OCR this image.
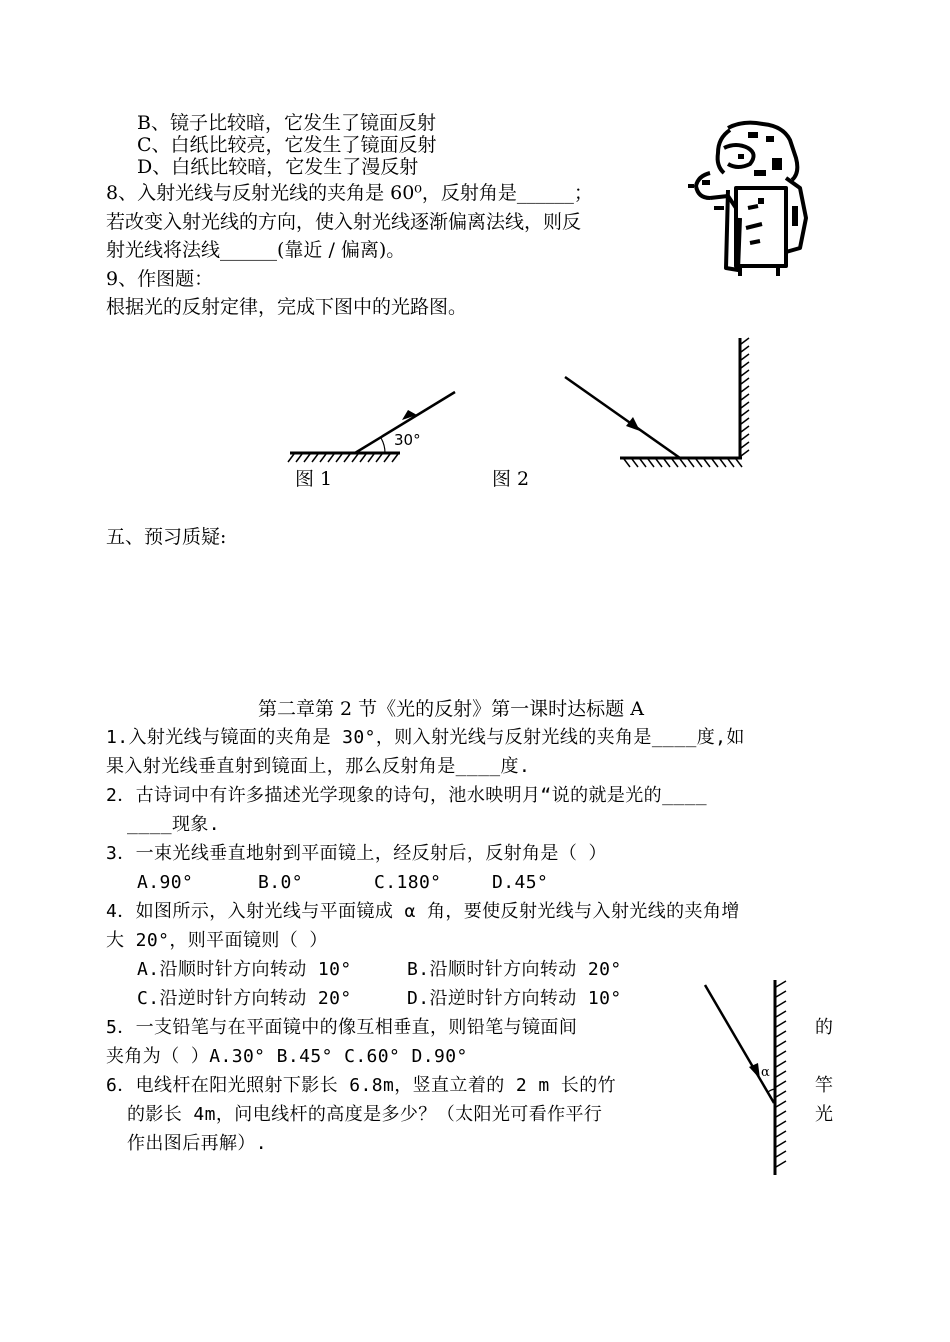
B、镜子比较暗，它发生了镜面反射
C、白纸比较亮，它发生了镜面反射
D、白纸比较暗，它发生了漫反射
8、入射光线与反射光线的夹角是 60⁰，反射角是______；
若改变入射光线的方向，使入射光线逐渐偏离法线，则反
射光线将法线______(靠近 / 偏离)。
9、作图题：
根据光的反射定律，完成下图中的光路图。
30°
图 1	图 2
五、预习质疑:
第二章第 2 节《光的反射》第一课时达标题 A
1.入射光线与镜面的夹角是 30°，则入射光线与反射光线的夹角是____度,如
果入射光线垂直射到镜面上，那么反射角是____度.
2．古诗词中有许多描述光学现象的诗句，池水映明月“说的就是光的____
____现象.
3．一束光线垂直地射到平面镜上，经反射后，反射角是（ ）
A.90°	B.0°	C.180°	D.45°
4．如图所示，入射光线与平面镜成 α 角，要使反射光线与入射光线的夹角增
大 20°，则平面镜则（ ）
A.沿顺时针方向转动 10°	B.沿顺时针方向转动 20°
C.沿逆时针方向转动 20°	D.沿逆时针方向转动 10°
5．一支铅笔与在平面镜中的像互相垂直，则铅笔与镜面间	的
夹角为（ ）A.30° B.45° C.60° D.90°
6．电线杆在阳光照射下影长 6.8m，竖直立着的 2 m 长的竹	竿
的影长 4m，问电线杆的高度是多少？（太阳光可看作平行	光
作出图后再解）.
α
